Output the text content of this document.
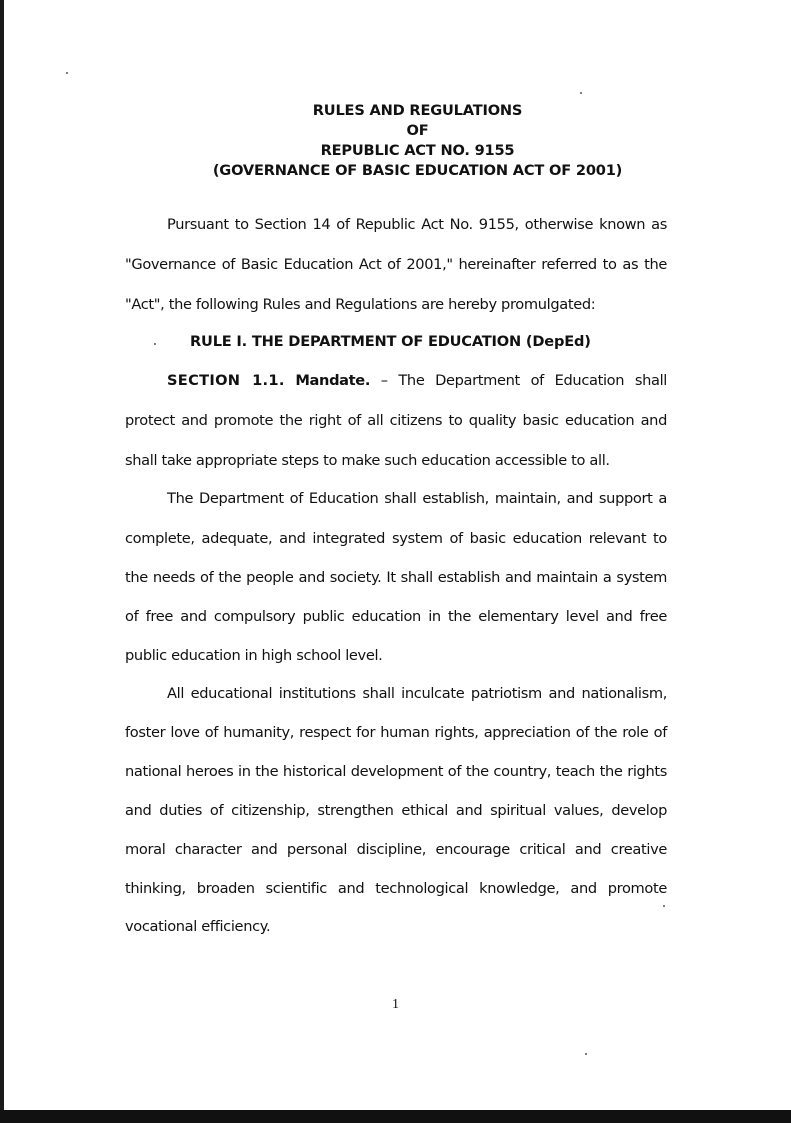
RULES AND REGULATIONS
OF
REPUBLIC ACT NO. 9155
(GOVERNANCE OF BASIC EDUCATION ACT OF 2001)
Pursuant to Section 14 of Republic Act No. 9155, otherwise known as
"Governance of Basic Education Act of 2001," hereinafter referred to as the
"Act", the following Rules and Regulations are hereby promulgated:
RULE I. THE DEPARTMENT OF EDUCATION (DepEd)
SECTION 1.1. Mandate. – The Department of Education shall
protect and promote the right of all citizens to quality basic education and
shall take appropriate steps to make such education accessible to all.
The Department of Education shall establish, maintain, and support a
complete, adequate, and integrated system of basic education relevant to
the needs of the people and society. It shall establish and maintain a system
of free and compulsory public education in the elementary level and free
public education in high school level.
All educational institutions shall inculcate patriotism and nationalism,
foster love of humanity, respect for human rights, appreciation of the role of
national heroes in the historical development of the country, teach the rights
and duties of citizenship, strengthen ethical and spiritual values, develop
moral character and personal discipline, encourage critical and creative
thinking, broaden scientific and technological knowledge, and promote
vocational efficiency.
1
